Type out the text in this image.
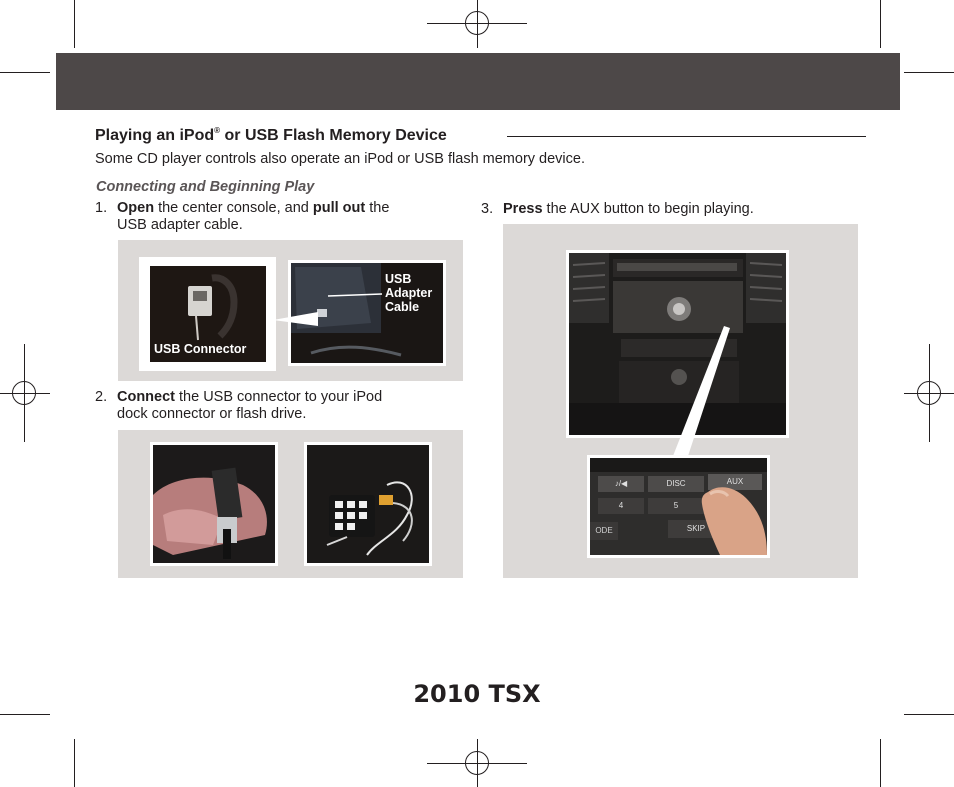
Playing an iPod® or USB Flash Memory Device
Some CD player controls also operate an iPod or USB flash memory device.
Connecting and Beginning Play
1. Open the center console, and pull out the
USB adapter cable.
USB Connector
USB
Adapter
Cable
2. Connect the USB connector to your iPod
dock connector or flash drive.
3. Press the AUX button to begin playing.
♪/◀	DISC	AUX
4	5
ODE	SKIP
2010 TSX
